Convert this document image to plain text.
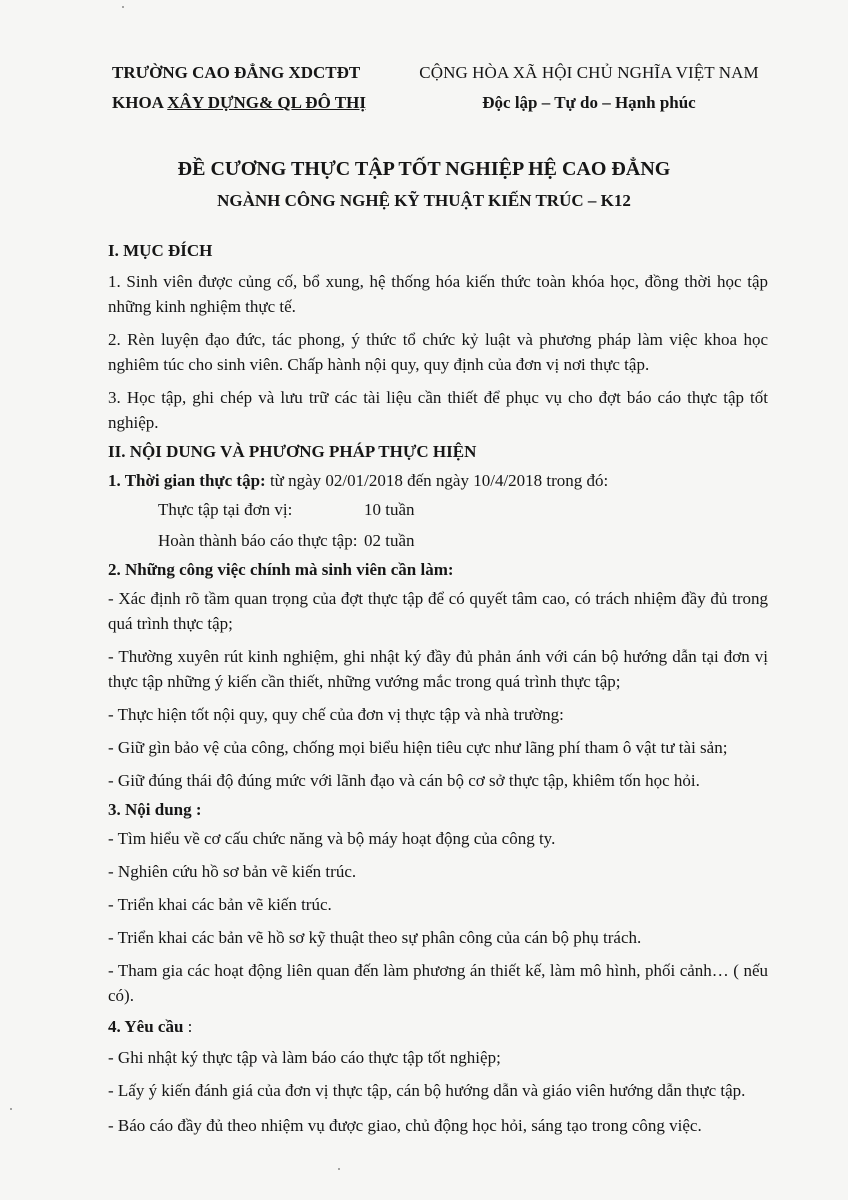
TRƯỜNG CAO ĐẲNG XDCTĐT
KHOA XÂY DỰNG& QL ĐÔ THỊ
CỘNG HÒA XÃ HỘI CHỦ NGHĨA VIỆT NAM
Độc lập – Tự do – Hạnh phúc
ĐỀ CƯƠNG THỰC TẬP TỐT NGHIỆP HỆ CAO ĐẲNG
NGÀNH CÔNG NGHỆ KỸ THUẬT KIẾN TRÚC – K12

I. MỤC ĐÍCH

1. Sinh viên được củng cố, bổ xung, hệ thống hóa kiến thức toàn khóa học, đồng thời học tập những kinh nghiệm thực tế.

2. Rèn luyện đạo đức, tác phong, ý thức tổ chức kỷ luật và phương pháp làm việc khoa học nghiêm túc cho sinh viên. Chấp hành nội quy, quy định của đơn vị nơi thực tập.

3. Học tập, ghi chép và lưu trữ các tài liệu cần thiết để phục vụ cho đợt báo cáo thực tập tốt nghiệp.

II. NỘI DUNG VÀ PHƯƠNG PHÁP THỰC HIỆN

1. Thời gian thực tập: từ ngày 02/01/2018 đến ngày 10/4/2018 trong đó:

Thực tập tại đơn vị:	10 tuần
Hoàn thành báo cáo thực tập: 02 tuần

2. Những công việc chính mà sinh viên cần làm:

- Xác định rõ tầm quan trọng của đợt thực tập để có quyết tâm cao, có trách nhiệm đầy đủ trong quá trình thực tập;

- Thường xuyên rút kinh nghiệm, ghi nhật ký đầy đủ phản ánh với cán bộ hướng dẫn tại đơn vị thực tập những ý kiến cần thiết, những vướng mắc trong quá trình thực tập;

- Thực hiện tốt nội quy, quy chế của đơn vị thực tập và nhà trường:

- Giữ gìn bảo vệ của công, chống mọi biểu hiện tiêu cực như lãng phí tham ô vật tư tài sản;

- Giữ đúng thái độ đúng mức với lãnh đạo và cán bộ cơ sở thực tập, khiêm tốn học hỏi.

3. Nội dung :

- Tìm hiểu về cơ cấu chức năng và bộ máy hoạt động của công ty.

- Nghiên cứu hồ sơ bản vẽ kiến trúc.

- Triển khai các bản vẽ kiến trúc.

- Triển khai các bản vẽ hồ sơ kỹ thuật theo sự phân công của cán bộ phụ trách.

- Tham gia các hoạt động liên quan đến làm phương án thiết kế, làm mô hình, phối cảnh… ( nếu có).

4. Yêu cầu :

- Ghi nhật ký thực tập và làm báo cáo thực tập tốt nghiệp;

- Lấy ý kiến đánh giá của đơn vị thực tập, cán bộ hướng dẫn và giáo viên hướng dẫn thực tập.

- Báo cáo đầy đủ theo nhiệm vụ được giao, chủ động học hỏi, sáng tạo trong công việc.
